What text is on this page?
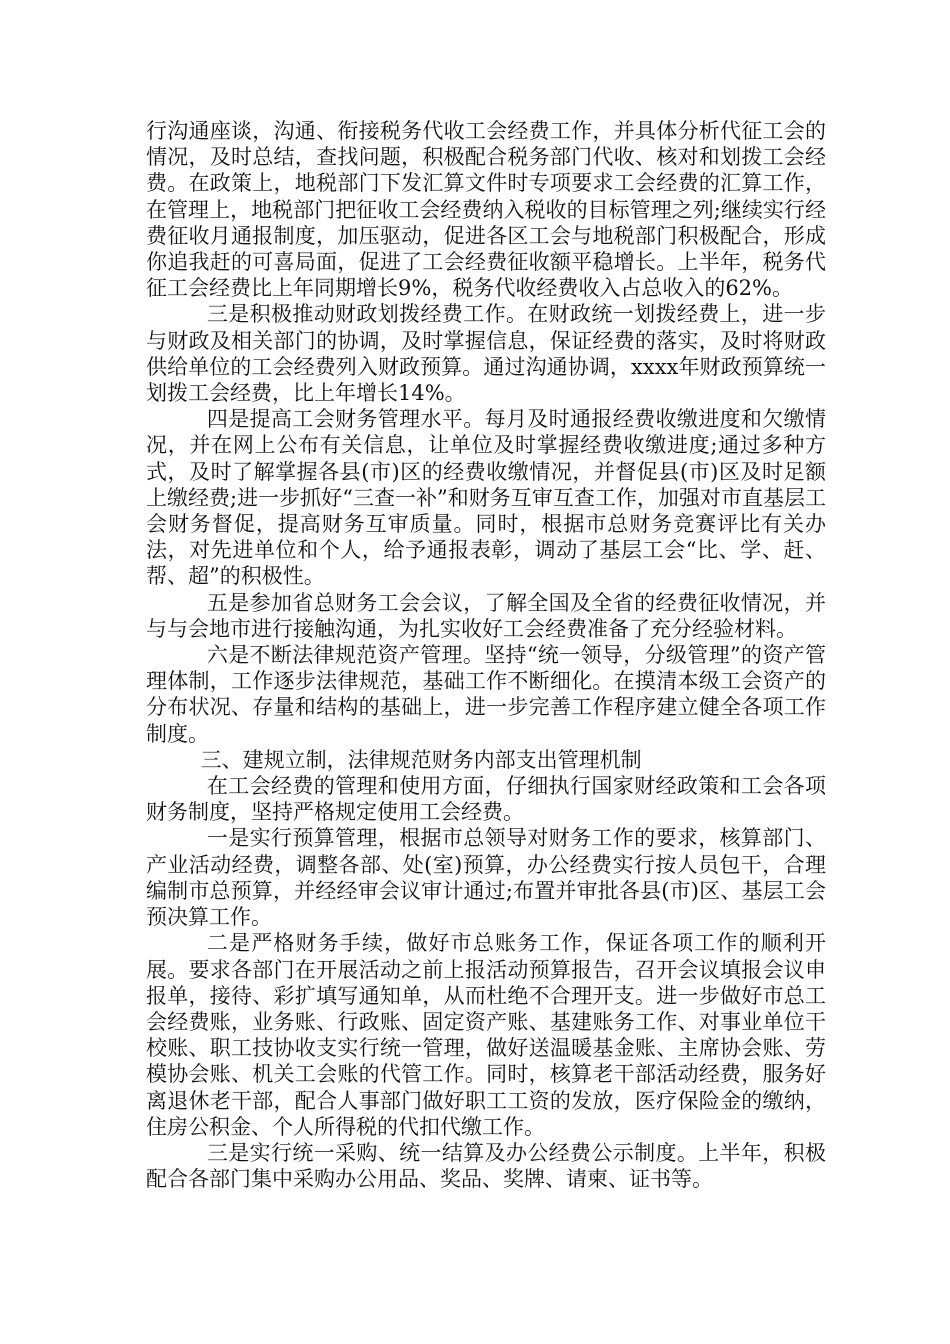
行沟通座谈，沟通、衔接税务代收工会经费工作，并具体分析代征工会的情况，及时总结，查找问题，积极配合税务部门代收、核对和划拨工会经费。在政策上，地税部门下发汇算文件时专项要求工会经费的汇算工作，在管理上，地税部门把征收工会经费纳入税收的目标管理之列;继续实行经费征收月通报制度，加压驱动，促进各区工会与地税部门积极配合，形成你追我赶的可喜局面，促进了工会经费征收额平稳增长。上半年，税务代征工会经费比上年同期增长9%，税务代收经费收入占总收入的62%。

三是积极推动财政划拨经费工作。在财政统一划拨经费上，进一步与财政及相关部门的协调，及时掌握信息，保证经费的落实，及时将财政供给单位的工会经费列入财政预算。通过沟通协调，xxxx年财政预算统一划拨工会经费，比上年增长14%。

四是提高工会财务管理水平。每月及时通报经费收缴进度和欠缴情况，并在网上公布有关信息，让单位及时掌握经费收缴进度;通过多种方式，及时了解掌握各县(市)区的经费收缴情况，并督促县(市)区及时足额上缴经费;进一步抓好“三查一补”和财务互审互查工作，加强对市直基层工会财务督促，提高财务互审质量。同时，根据市总财务竞赛评比有关办法，对先进单位和个人，给予通报表彰，调动了基层工会“比、学、赶、帮、超”的积极性。

五是参加省总财务工会会议，了解全国及全省的经费征收情况，并与与会地市进行接触沟通，为扎实收好工会经费准备了充分经验材料。

六是不断法律规范资产管理。坚持“统一领导，分级管理”的资产管理体制，工作逐步法律规范，基础工作不断细化。在摸清本级工会资产的分布状况、存量和结构的基础上，进一步完善工作程序建立健全各项工作制度。

三、建规立制，法律规范财务内部支出管理机制

在工会经费的管理和使用方面，仔细执行国家财经政策和工会各项财务制度，坚持严格规定使用工会经费。

一是实行预算管理，根据市总领导对财务工作的要求，核算部门、产业活动经费，调整各部、处(室)预算，办公经费实行按人员包干，合理编制市总预算，并经经审会议审计通过;布置并审批各县(市)区、基层工会预决算工作。

二是严格财务手续，做好市总账务工作，保证各项工作的顺利开展。要求各部门在开展活动之前上报活动预算报告，召开会议填报会议申报单，接待、彩扩填写通知单，从而杜绝不合理开支。进一步做好市总工会经费账，业务账、行政账、固定资产账、基建账务工作、对事业单位干校账、职工技协收支实行统一管理，做好送温暖基金账、主席协会账、劳模协会账、机关工会账的代管工作。同时，核算老干部活动经费，服务好离退休老干部，配合人事部门做好职工工资的发放，医疗保险金的缴纳，住房公积金、个人所得税的代扣代缴工作。

三是实行统一采购、统一结算及办公经费公示制度。上半年，积极配合各部门集中采购办公用品、奖品、奖牌、请柬、证书等。
